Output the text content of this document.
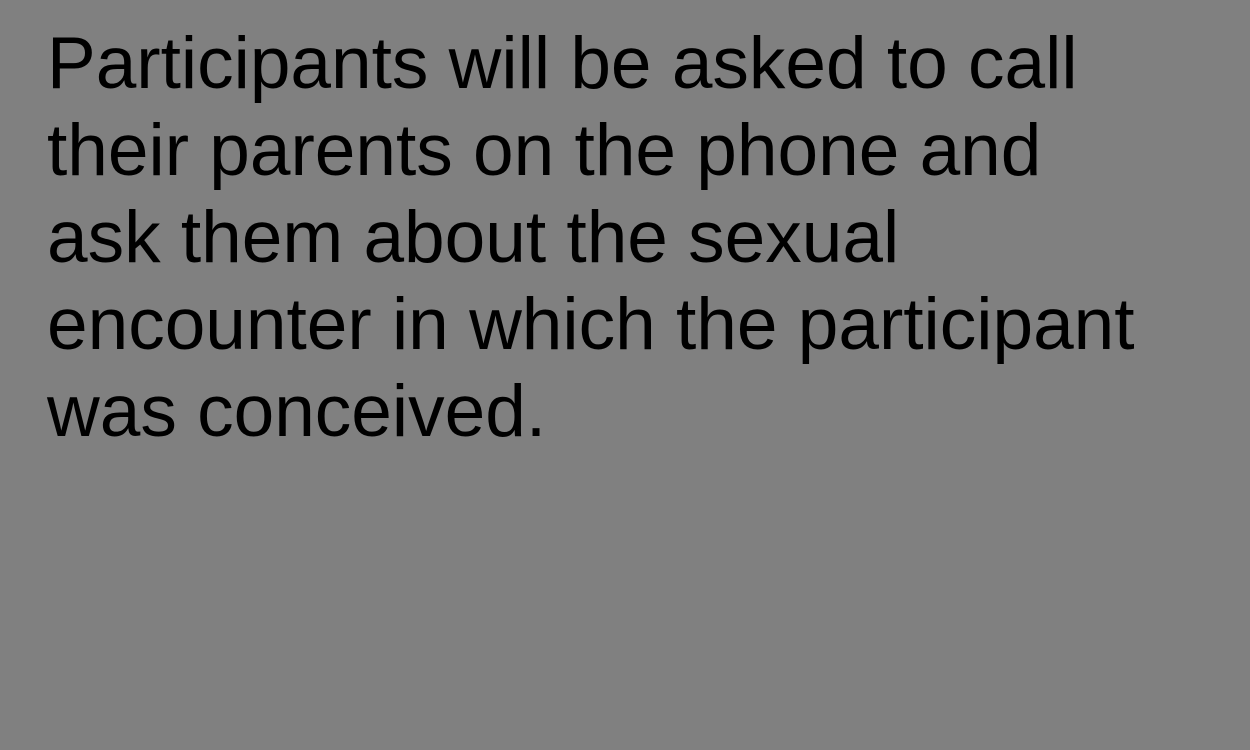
Participants will be asked to call
their parents on the phone and
ask them about the sexual
encounter in which the participant
was conceived.
